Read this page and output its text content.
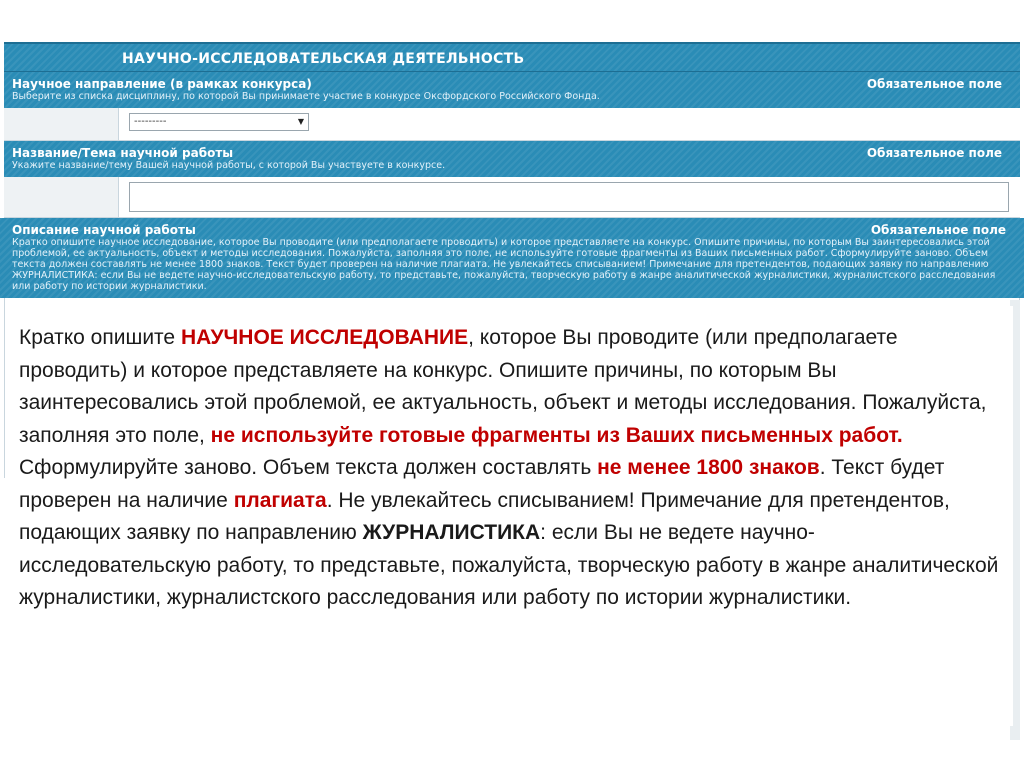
НАУЧНО-ИССЛЕДОВАТЕЛЬСКАЯ ДЕЯТЕЛЬНОСТЬ
Научное направление (в рамках конкурса)
Выберите из списка дисциплину, по которой Вы принимаете участие в конкурсе Оксфордского Российского Фонда.
Обязательное поле
---------	▼
Название/Тема научной работы
Укажите название/тему Вашей научной работы, с которой Вы участвуете в конкурсе.
Обязательное поле
Описание научной работы
Кратко опишите научное исследование, которое Вы проводите (или предполагаете проводить) и которое представляете на конкурс. Опишите причины, по которым Вы заинтересовались этой проблемой, ее актуальность, объект и методы исследования. Пожалуйста, заполняя это поле, не используйте готовые фрагменты из Ваших письменных работ. Сформулируйте заново. Объем текста должен составлять не менее 1800 знаков. Текст будет проверен на наличие плагиата. Не увлекайтесь списыванием! Примечание для претендентов, подающих заявку по направлению ЖУРНАЛИСТИКА: если Вы не ведете научно-исследовательскую работу, то представьте, пожалуйста, творческую работу в жанре аналитической журналистики, журналистского расследования или работу по истории журналистики.
Обязательное поле
Кратко опишите НАУЧНОЕ ИССЛЕДОВАНИЕ, которое Вы проводите (или предполагаете проводить) и которое представляете на конкурс. Опишите причины, по которым Вы заинтересовались этой проблемой, ее актуальность, объект и методы исследования. Пожалуйста, заполняя это поле, не используйте готовые фрагменты из Ваших письменных работ. Сформулируйте заново. Объем текста должен составлять не менее 1800 знаков. Текст будет проверен на наличие плагиата. Не увлекайтесь списыванием! Примечание для претендентов, подающих заявку по направлению ЖУРНАЛИСТИКА: если Вы не ведете научно-исследовательскую работу, то представьте, пожалуйста, творческую работу в жанре аналитической журналистики, журналистского расследования или работу по истории журналистики.
